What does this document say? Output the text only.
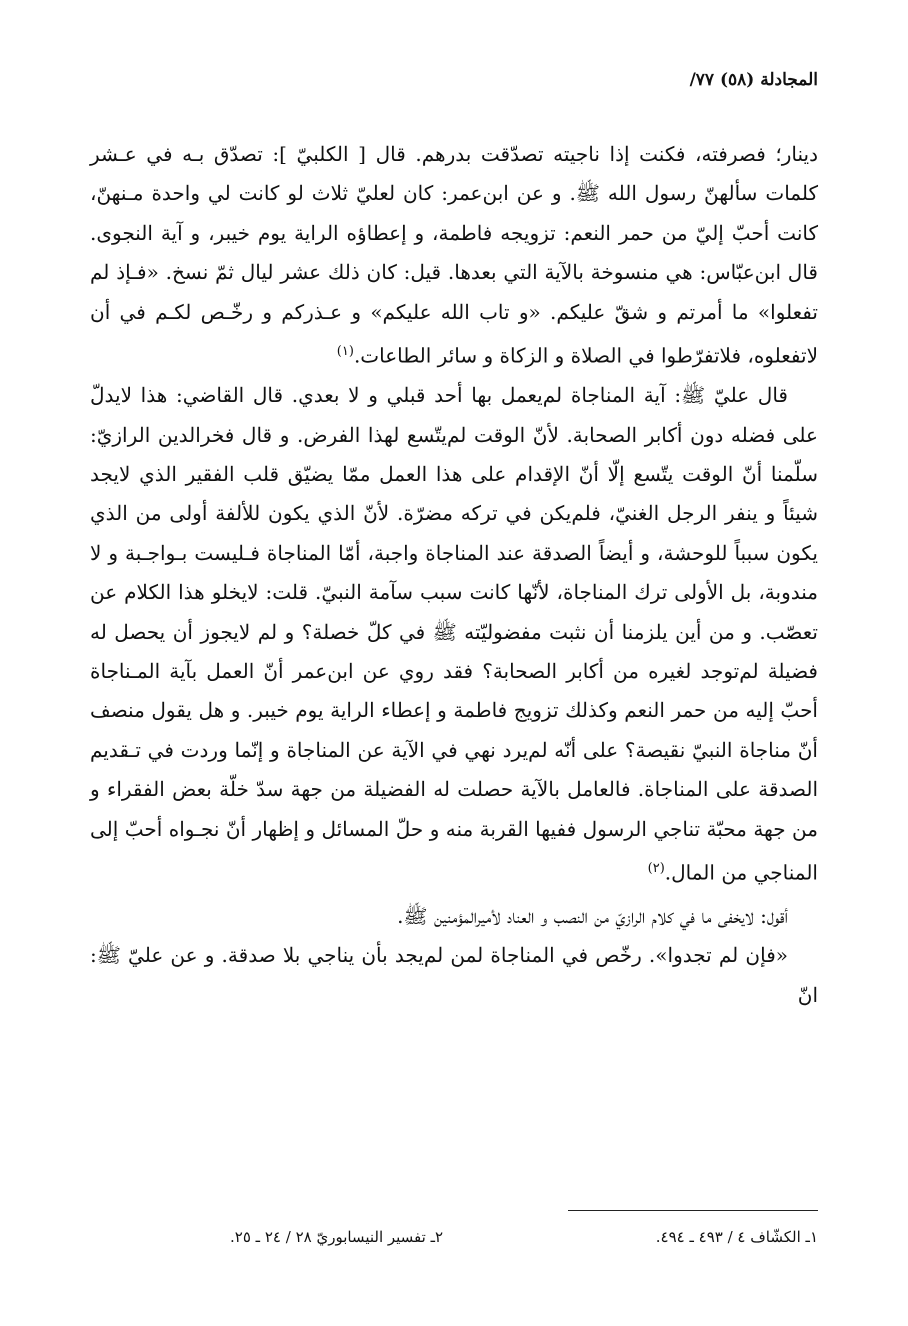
المجادلة (٥٨) ٧٧/

دينار؛ فصرفته، فكنت إذا ناجيته تصدّقت بدرهم. قال [ الكلبيّ ]: تصدّق بـه في عـشر كلمات سألهنّ رسول الله ﷺ. و عن ابن‌عمر: كان لعليّ ثلاث لو كانت لي واحدة مـنهنّ، كانت أحبّ إليّ من حمر النعم: تزويجه فاطمة، و إعطاؤه الراية يوم خيبر، و آية النجوى. قال ابن‌عبّاس: هي منسوخة بالآية التي بعدها. قيل: كان ذلك عشر ليال ثمّ نسخ. «فـإذ لم تفعلوا» ما أمرتم و شقّ عليكم. «و تاب الله عليكم» و عـذركم و رخّـص لكـم في أن لاتفعلوه، فلاتفرّطوا في الصلاة و الزكاة و سائر الطاعات.$^{(١)}$

قال عليّ ﷺ: آية المناجاة لم‌يعمل بها أحد قبلي و لا بعدي. قال القاضي: هذا لايدلّ على فضله دون أكابر الصحابة. لأنّ الوقت لم‌يتّسع لهذا الفرض. و قال فخرالدين الرازيّ: سلّمنا أنّ الوقت يتّسع إلّا أنّ الإقدام على هذا العمل ممّا يضيّق قلب الفقير الذي لايجد شيئاً و ينفر الرجل الغنيّ، فلم‌يكن في تركه مضرّة. لأنّ الذي يكون للألفة أولى من الذي يكون سبباً للوحشة، و أيضاً الصدقة عند المناجاة واجبة، أمّا المناجاة فـليست بـواجـبة و لا مندوبة، بل الأولى ترك المناجاة، لأنّها كانت سبب سآمة النبيّ. قلت: لايخلو هذا الكلام عن تعصّب. و من أين يلزمنا أن نثبت مفضوليّته ﷺ في كلّ خصلة؟ و لم لايجوز أن يحصل له فضيلة لم‌توجد لغيره من أكابر الصحابة؟ فقد روي عن ابن‌عمر أنّ العمل بآية المـناجاة أحبّ إليه من حمر النعم وكذلك تزويج فاطمة و إعطاء الراية يوم خيبر. و هل يقول منصف أنّ مناجاة النبيّ نقيصة؟ على أنّه لم‌يرد نهي في الآية عن المناجاة و إنّما وردت في تـقديم الصدقة على المناجاة. فالعامل بالآية حصلت له الفضيلة من جهة سدّ خلّة بعض الفقراء و من جهة محبّة تناجي الرسول ففيها القربة منه و حلّ المسائل و إظهار أنّ نجـواه أحبّ إلى المناجي من المال.$^{(٢)}$

أقول: لايخفى ما في كلام الرازيّ من النصب و العناد لأميرالمؤمنين ﷺ.

«فإن لم تجدوا». رخّص في المناجاة لمن لم‌يجد بأن يناجي بلا صدقة. و عن عليّ ﷺ: انّ

١ـ الكشّاف ٤ / ٤٩٣ ـ ٤٩٤.
٢ـ تفسير النيسابوريّ ٢٨ / ٢٤ ـ ٢٥.
